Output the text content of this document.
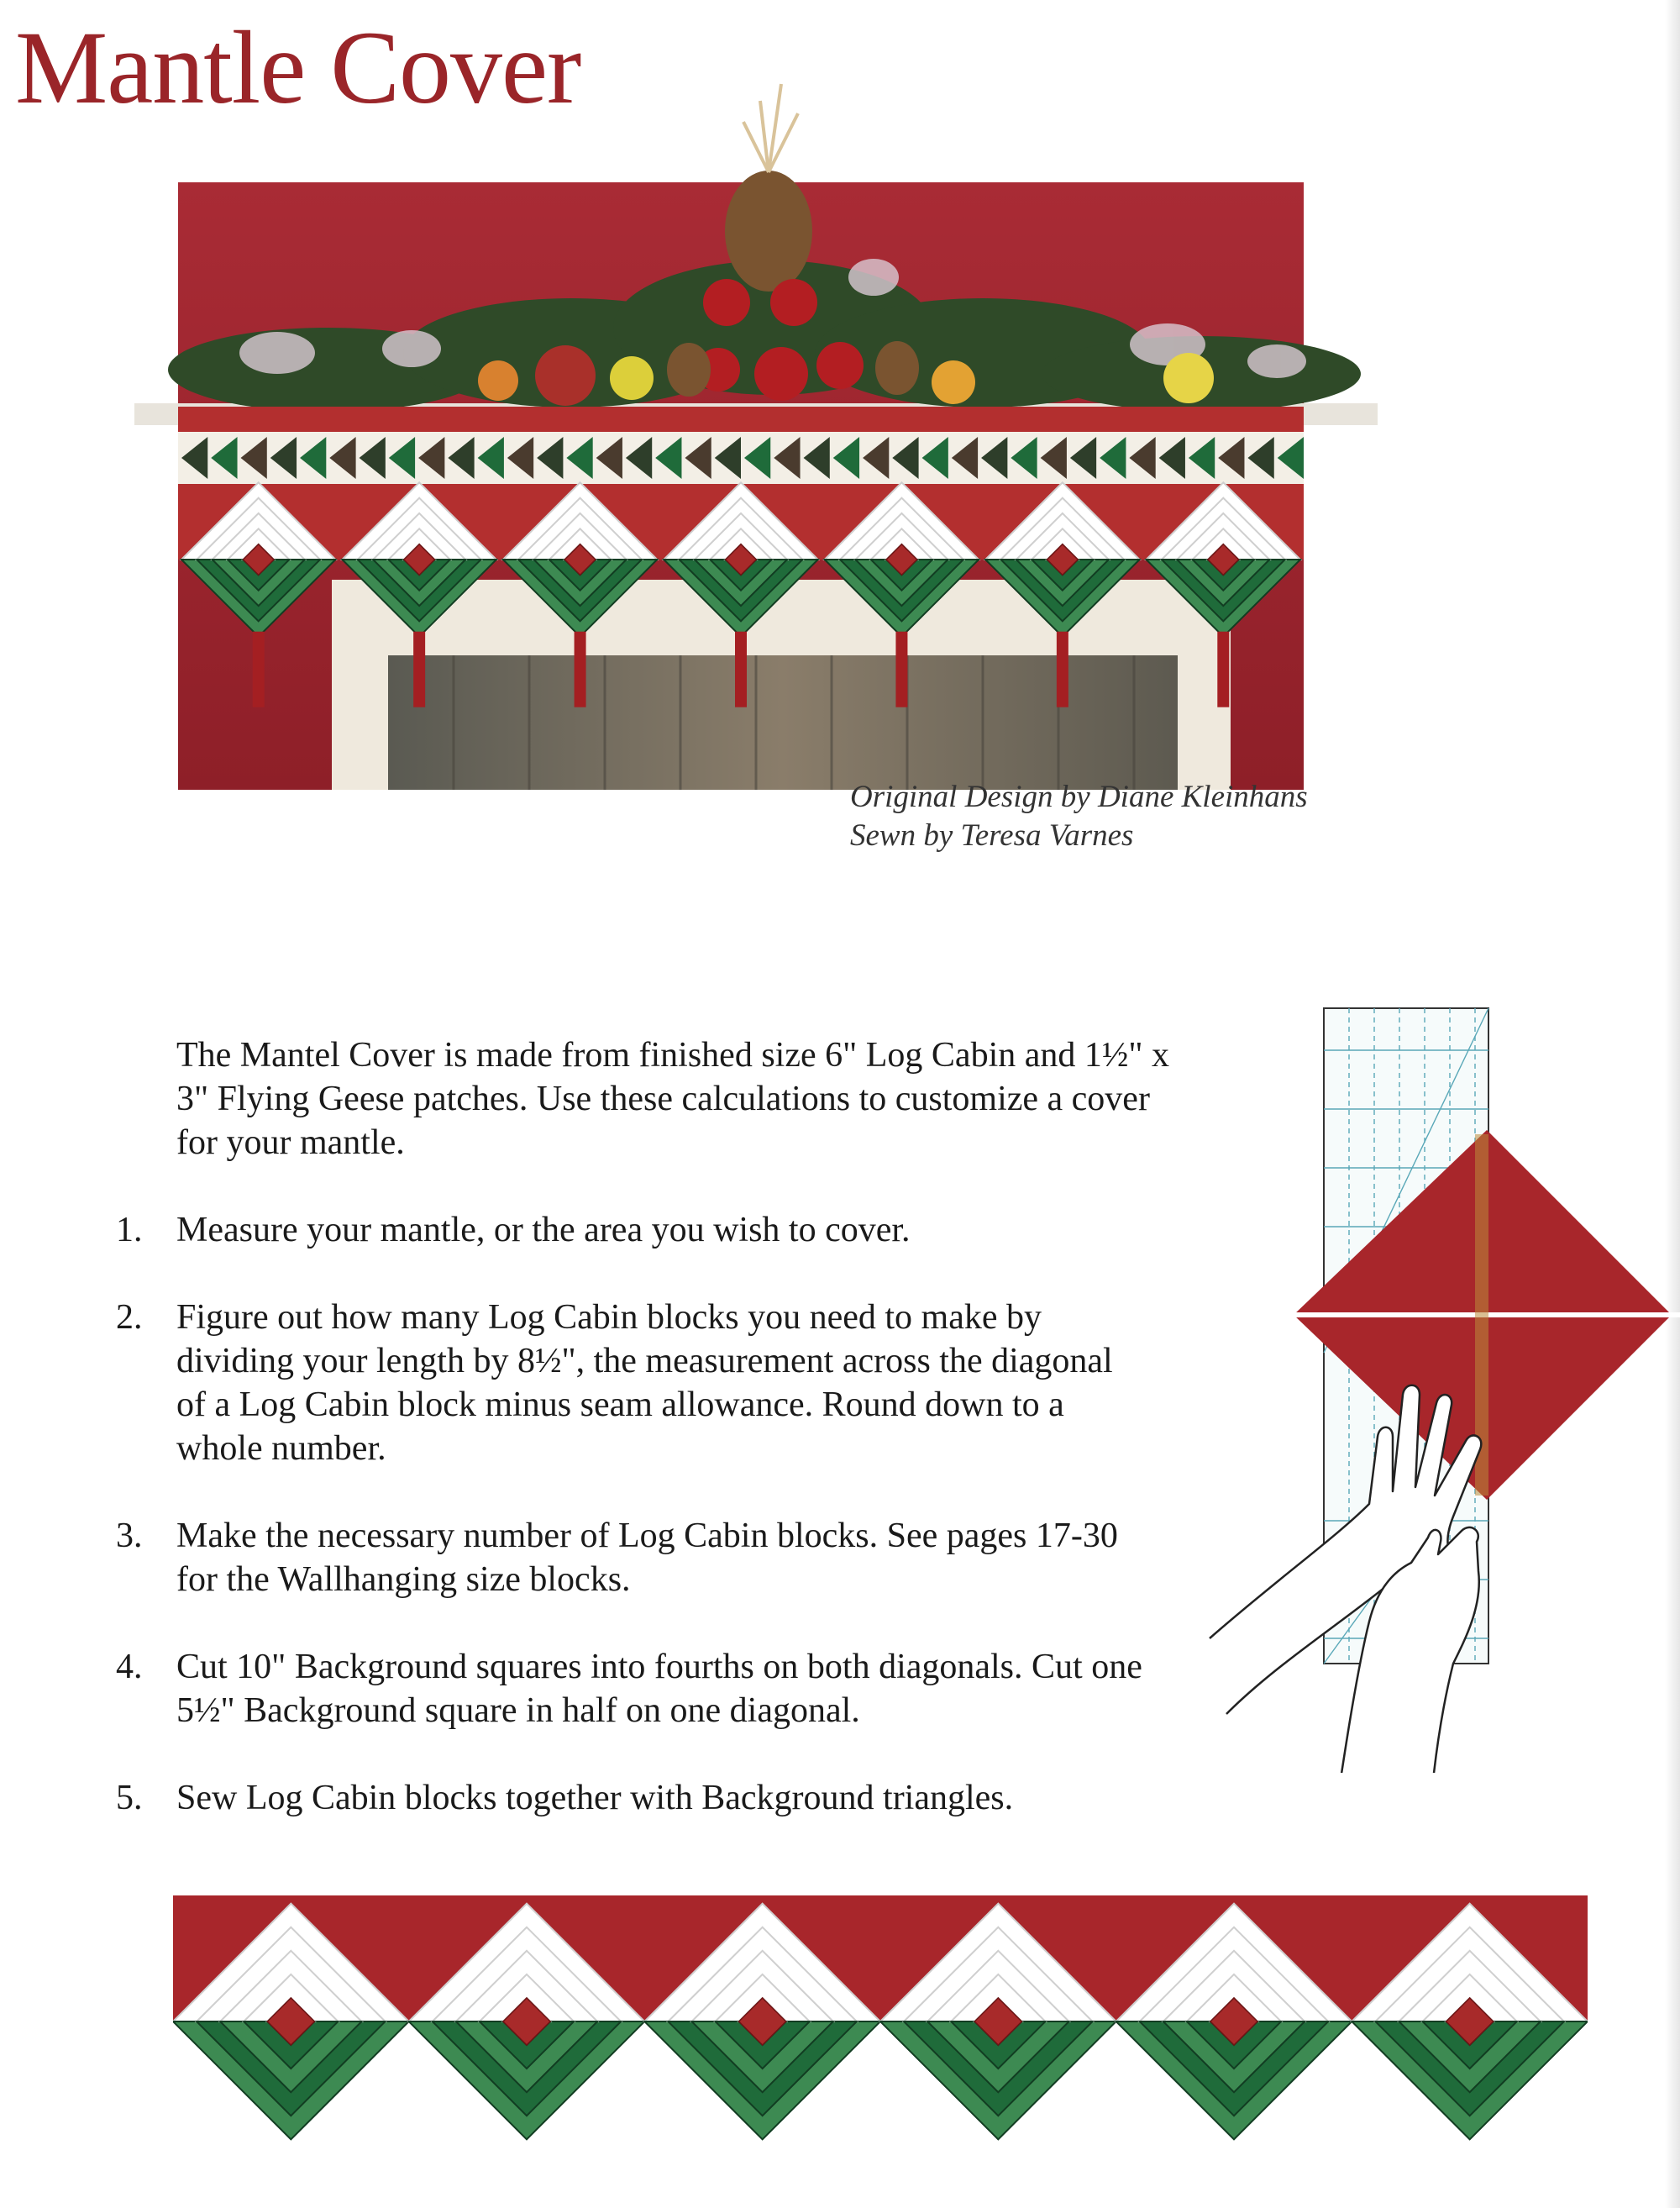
Mantle Cover
Original Design by Diane Kleinhans
Sewn by Teresa Varnes

The Mantel Cover is made from finished size 6" Log Cabin and 1½" x 3" Flying Geese patches. Use these calculations to customize a cover for your mantle.

1. Measure your mantle, or the area you wish to cover.
2. Figure out how many Log Cabin blocks you need to make by dividing your length by 8½", the measurement across the diagonal of a Log Cabin block minus seam allowance. Round down to a whole number.
3. Make the necessary number of Log Cabin blocks. See pages 17-30 for the Wallhanging size blocks.
4. Cut 10" Background squares into fourths on both diagonals. Cut one 5½" Background square in half on one diagonal.
5. Sew Log Cabin blocks together with Background triangles.
